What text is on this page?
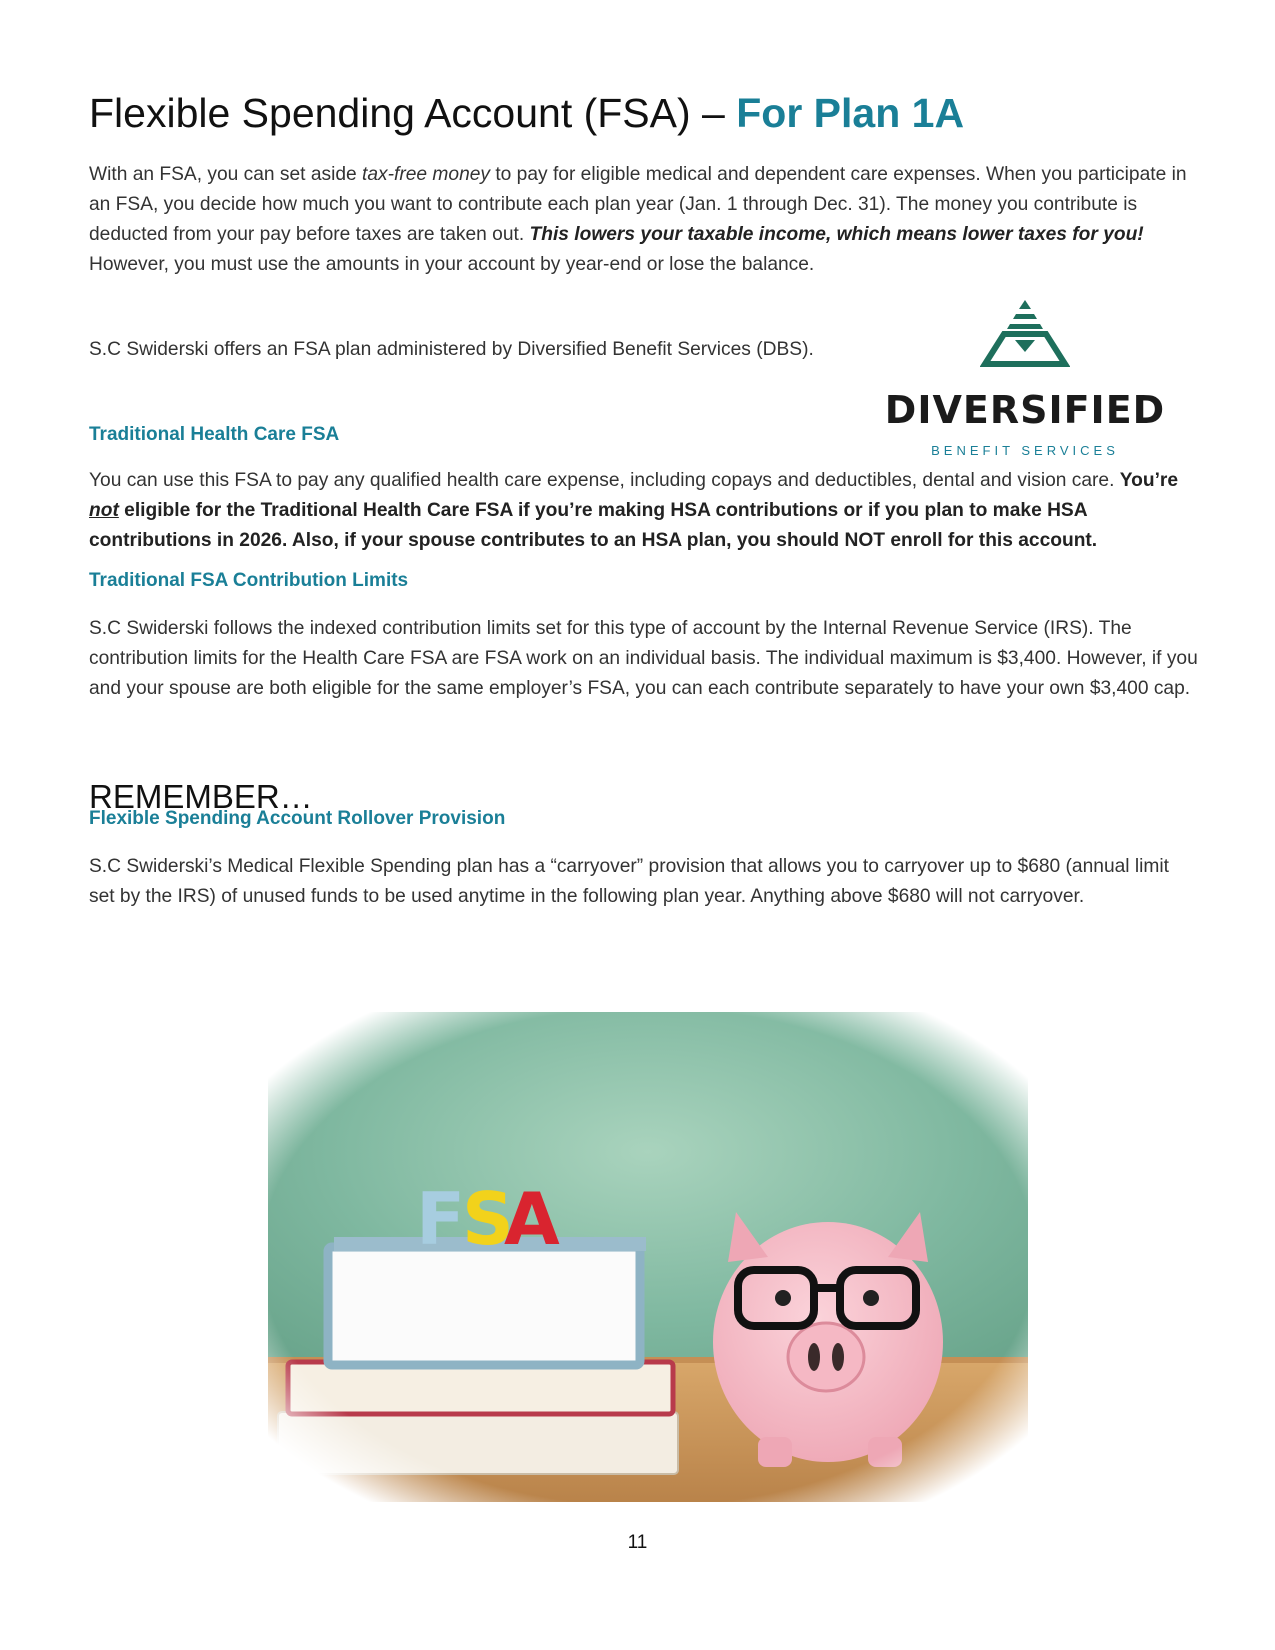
Flexible Spending Account (FSA) – For Plan 1A

With an FSA, you can set aside tax-free money to pay for eligible medical and dependent care expenses. When you participate in an FSA, you decide how much you want to contribute each plan year (Jan. 1 through Dec. 31). The money you contribute is deducted from your pay before taxes are taken out. This lowers your taxable income, which means lower taxes for you! However, you must use the amounts in your account by year-end or lose the balance.

S.C Swiderski offers an FSA plan administered by Diversified Benefit Services (DBS).

DIVERSIFIED
BENEFIT SERVICES
Traditional Health Care FSA

You can use this FSA to pay any qualified health care expense, including copays and deductibles, dental and vision care. You’re not eligible for the Traditional Health Care FSA if you’re making HSA contributions or if you plan to make HSA contributions in 2026. Also, if your spouse contributes to an HSA plan, you should NOT enroll for this account.

Traditional FSA Contribution Limits

S.C Swiderski follows the indexed contribution limits set for this type of account by the Internal Revenue Service (IRS). The contribution limits for the Health Care FSA are FSA work on an individual basis. The individual maximum is $3,400. However, if you and your spouse are both eligible for the same employer’s FSA, you can each contribute separately to have your own $3,400 cap.

REMEMBER…
Flexible Spending Account Rollover Provision

S.C Swiderski’s Medical Flexible Spending plan has a “carryover” provision that allows you to carryover up to $680 (annual limit set by the IRS) of unused funds to be used anytime in the following plan year. Anything above $680 will not carryover.

11
